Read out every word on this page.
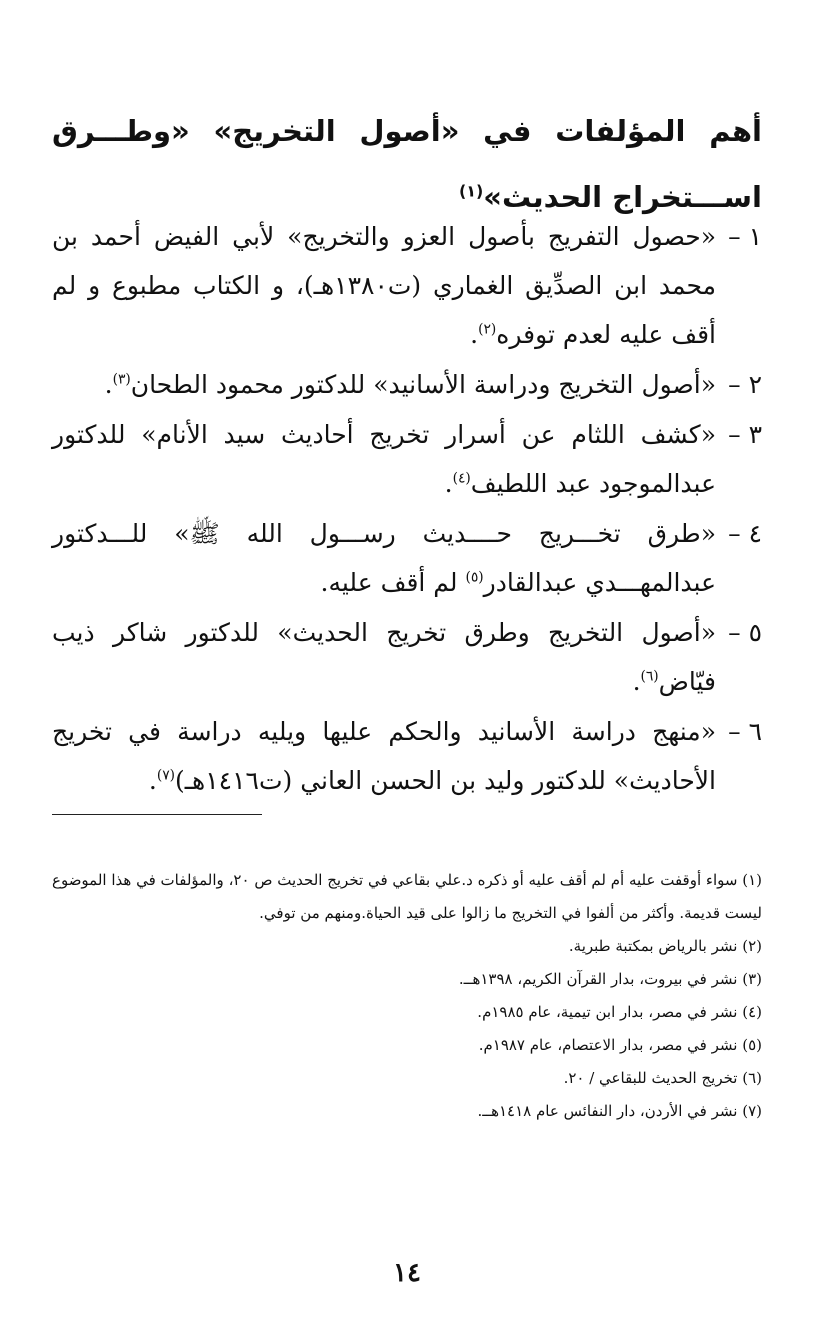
أهم المؤلفات في «أصول التخريج» «وطـــرق اســـتخراج الحديث»$^{(١)}$
١ –«حصول التفريج بأصول العزو والتخريج» لأبي الفيض أحمد بن محمد ابن الصدِّيق الغماري (ت١٣٨٠هـ)، و الكتاب مطبوع و لم أقف عليه لعدم توفره$^{(٢)}$.
٢ –«أصول التخريج ودراسة الأسانيد» للدكتور محمود الطحان$^{(٣)}$.
٣ –«كشف اللثام عن أسرار تخريج أحاديث سيد الأنام» للدكتور عبدالموجود عبد اللطيف$^{(٤)}$.
٤ –«طرق تخـــريج حــــديث رســـول الله ﷺ» للـــدكتور عبدالمهـــدي عبدالقادر$^{(٥)}$ لم أقف عليه.
٥ –«أصول التخريج وطرق تخريج الحديث» للدكتور شاكر ذيب فيّاض$^{(٦)}$.
٦ –«منهج دراسة الأسانيد والحكم عليها ويليه دراسة في تخريج الأحاديث» للدكتور وليد بن الحسن العاني (ت١٤١٦هـ)$^{(٧)}$.
(١) سواء أوقفت عليه أم لم أقف عليه أو ذكره د.علي بقاعي في تخريج الحديث ص ٢٠، والمؤلفات في هذا الموضوع ليست قديمة. وأكثر من ألفوا في التخريج ما زالوا على قيد الحياة.ومنهم من توفي.
(٢) نشر بالرياض بمكتبة طبرية.
(٣) نشر في بيروت، بدار القرآن الكريم، ١٣٩٨هــ.
(٤) نشر في مصر، بدار ابن تيمية، عام ١٩٨٥م.
(٥) نشر في مصر، بدار الاعتصام، عام ١٩٨٧م.
(٦) تخريج الحديث للبقاعي / ٢٠.
(٧) نشر في الأردن، دار النفائس عام ١٤١٨هــ.
١٤
